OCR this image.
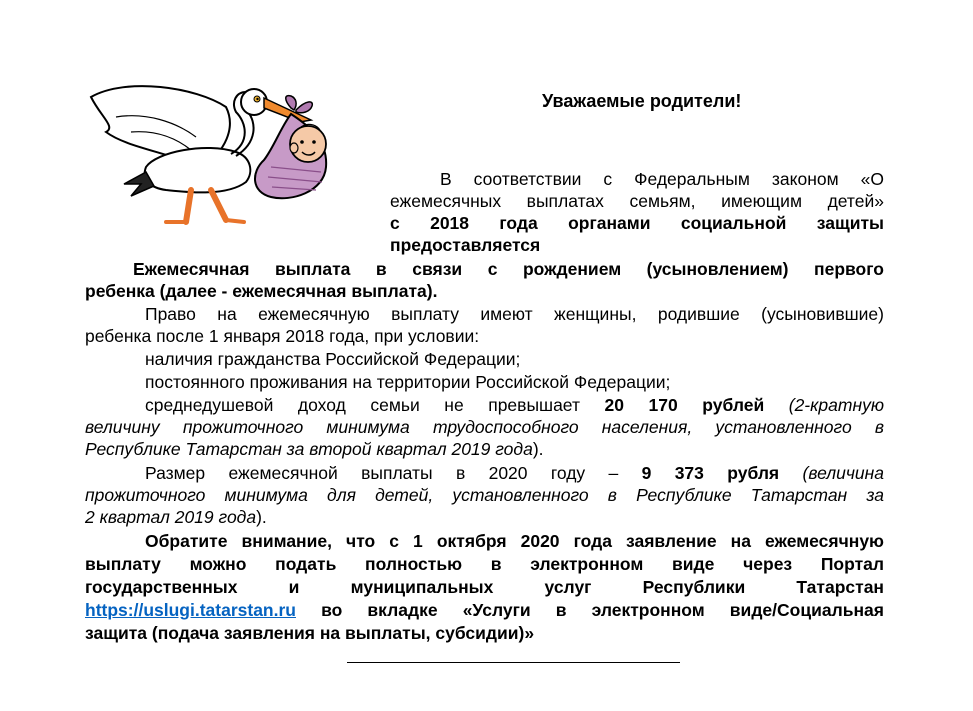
Уважаемые родители!
В соответствии с Федеральным законом «О
ежемесячных выплатах семьям, имеющим детей»
с 2018 года органами социальной защиты
предоставляется
Ежемесячная выплата в связи с рождением (усыновлением) первого
ребенка (далее - ежемесячная выплата).
Право на ежемесячную выплату имеют женщины, родившие (усыновившие)
ребенка после 1 января 2018 года, при условии:
наличия гражданства Российской Федерации;
постоянного проживания на территории Российской Федерации;
среднедушевой доход семьи не превышает 20 170 рублей (2-кратную
величину прожиточного минимума трудоспособного населения, установленного в
Республике Татарстан за второй квартал 2019 года).
Размер ежемесячной выплаты в 2020 году – 9 373 рубля (величина
прожиточного минимума для детей, установленного в Республике Татарстан за
2 квартал 2019 года).
Обратите внимание, что с 1 октября 2020 года заявление на ежемесячную
выплату можно подать полностью в электронном виде через Портал
государственных и муниципальных услуг Республики Татарстан
https://uslugi.tatarstan.ru во вкладке «Услуги в электронном виде/Социальная
защита (подача заявления на выплаты, субсидии)»
